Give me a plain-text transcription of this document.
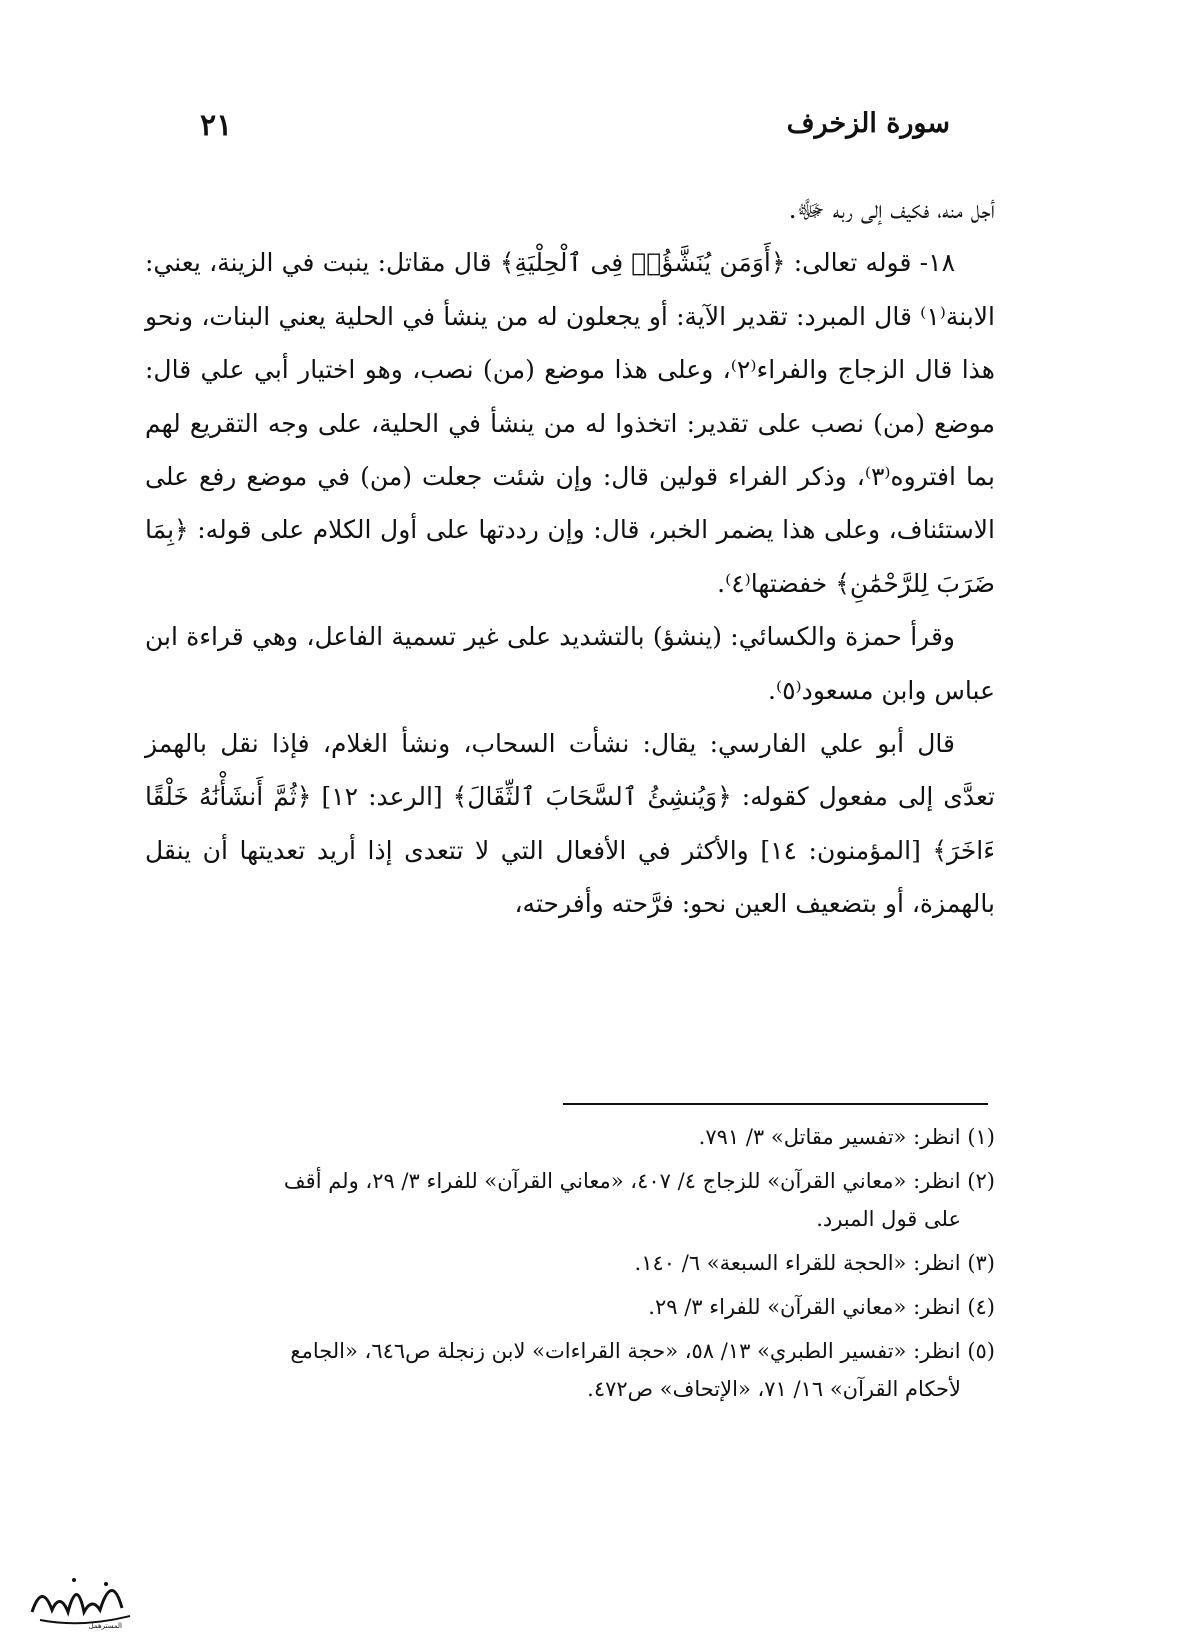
سورة الزخرف
٢١

أجل منه، فكيف إلى ربه ﷻ.

١٨- قوله تعالى: ﴿أَوَمَن يُنَشَّؤُا۟ فِى ٱلْحِلْيَةِ﴾ قال مقاتل: ينبت في الزينة، يعني: الابنة⁽١⁾ قال المبرد: تقدير الآية: أو يجعلون له من ينشأ في الحلية يعني البنات، ونحو هذا قال الزجاج والفراء⁽٢⁾، وعلى هذا موضع (من) نصب، وهو اختيار أبي علي قال: موضع (من) نصب على تقدير: اتخذوا له من ينشأ في الحلية، على وجه التقريع لهم بما افتروه⁽٣⁾، وذكر الفراء قولين قال: وإن شئت جعلت (من) في موضع رفع على الاستئناف، وعلى هذا يضمر الخبر، قال: وإن رددتها على أول الكلام على قوله: ﴿بِمَا ضَرَبَ لِلرَّحْمَٰنِ﴾ خفضتها⁽٤⁾.

وقرأ حمزة والكسائي: (ينشؤ) بالتشديد على غير تسمية الفاعل، وهي قراءة ابن عباس وابن مسعود⁽٥⁾.

قال أبو علي الفارسي: يقال: نشأت السحاب، ونشأ الغلام، فإذا نقل بالهمز تعدَّى إلى مفعول كقوله: ﴿وَيُنشِئُ ٱلسَّحَابَ ٱلثِّقَالَ﴾ [الرعد: ١٢] ﴿ثُمَّ أَنشَأْنَٰهُ خَلْقًا ءَاخَرَ﴾ [المؤمنون: ١٤] والأكثر في الأفعال التي لا تتعدى إذا أريد تعديتها أن ينقل بالهمزة، أو بتضعيف العين نحو: فرَّحته وأفرحته،

(١) انظر: «تفسير مقاتل» ٣/ ٧٩١.

(٢) انظر: «معاني القرآن» للزجاج ٤/ ٤٠٧، «معاني القرآن» للفراء ٣/ ٢٩، ولم أقف
على قول المبرد.

(٣) انظر: «الحجة للقراء السبعة» ٦/ ١٤٠.

(٤) انظر: «معاني القرآن» للفراء ٣/ ٢٩.

(٥) انظر: «تفسير الطبري» ١٣/ ٥٨، «حجة القراءات» لابن زنجلة ص٦٤٦، «الجامع
لأحكام القرآن» ١٦/ ٧١، «الإتحاف» ص٤٧٢.

المسترهمل
